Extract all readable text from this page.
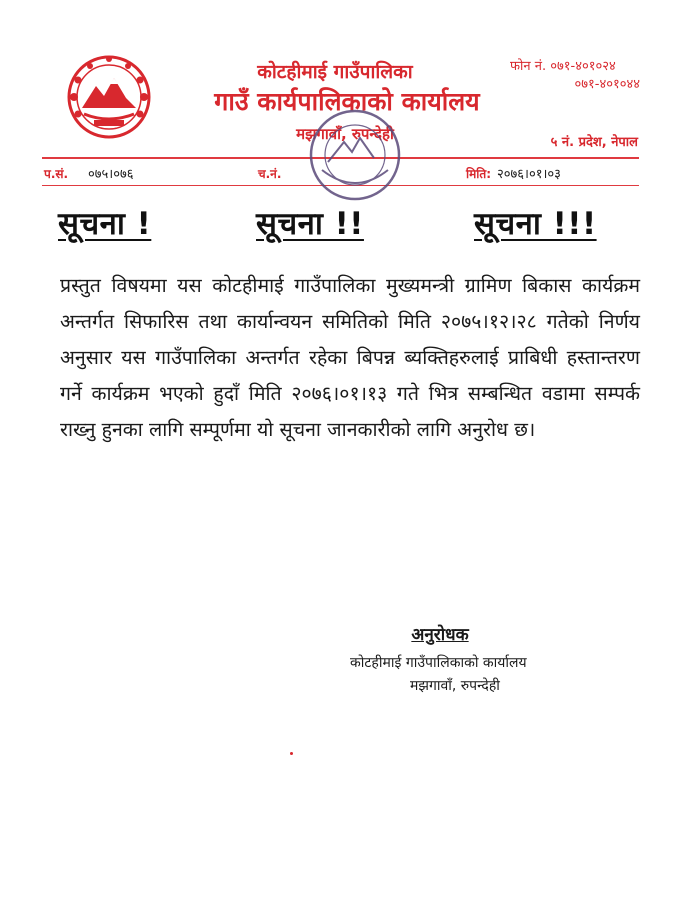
कोटहीमाई गाउँपालिका
गाउँ कार्यपालिकाको कार्यालय
मझगावाँ, रुपन्देही
फोन नं. ०७१-४०१०२४
०७१-४०१०४४
५ नं. प्रदेश, नेपाल
प.सं. ०७५।०७६	च.नं.	मिति: २०७६।०१।०३
सूचना !	सूचना !!	सूचना !!!
प्रस्तुत विषयमा यस कोटहीमाई गाउँपालिका मुख्यमन्त्री ग्रामिण बिकास कार्यक्रम अन्तर्गत सिफारिस तथा कार्यान्वयन समितिको मिति २०७५।१२।२८ गतेको निर्णय अनुसार यस गाउँपालिका अन्तर्गत रहेका बिपन्न ब्यक्तिहरुलाई प्राबिधी हस्तान्तरण गर्ने कार्यक्रम भएको हुदाँ मिति २०७६।०१।१३ गते भित्र सम्बन्धित वडामा सम्पर्क राख्नु हुनका लागि सम्पूर्णमा यो सूचना जानकारीको लागि अनुरोध छ।
अनुरोधक
कोटहीमाई गाउँपालिकाको कार्यालय
मझगावाँ, रुपन्देही
